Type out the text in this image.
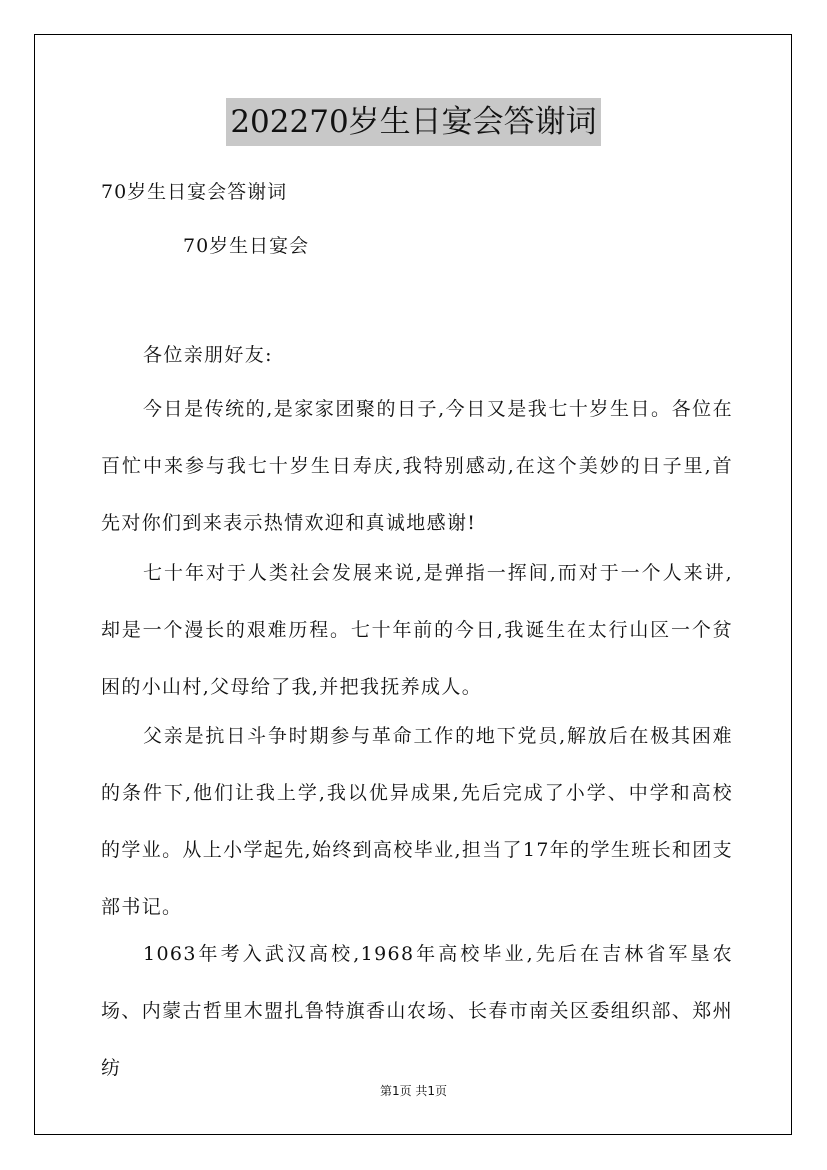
202270岁生日宴会答谢词
70岁生日宴会答谢词
70岁生日宴会
各位亲朋好友:
今日是传统的,是家家团聚的日子,今日又是我七十岁生日。各位在百忙中来参与我七十岁生日寿庆,我特别感动,在这个美妙的日子里,首先对你们到来表示热情欢迎和真诚地感谢!
七十年对于人类社会发展来说,是弹指一挥间,而对于一个人来讲,却是一个漫长的艰难历程。七十年前的今日,我诞生在太行山区一个贫困的小山村,父母给了我,并把我抚养成人。
父亲是抗日斗争时期参与革命工作的地下党员,解放后在极其困难的条件下,他们让我上学,我以优异成果,先后完成了小学、中学和高校的学业。从上小学起先,始终到高校毕业,担当了17年的学生班长和团支部书记。
1063年考入武汉高校,1968年高校毕业,先后在吉林省军垦农场、内蒙古哲里木盟扎鲁特旗香山农场、长春市南关区委组织部、郑州纺
第1页 共1页
